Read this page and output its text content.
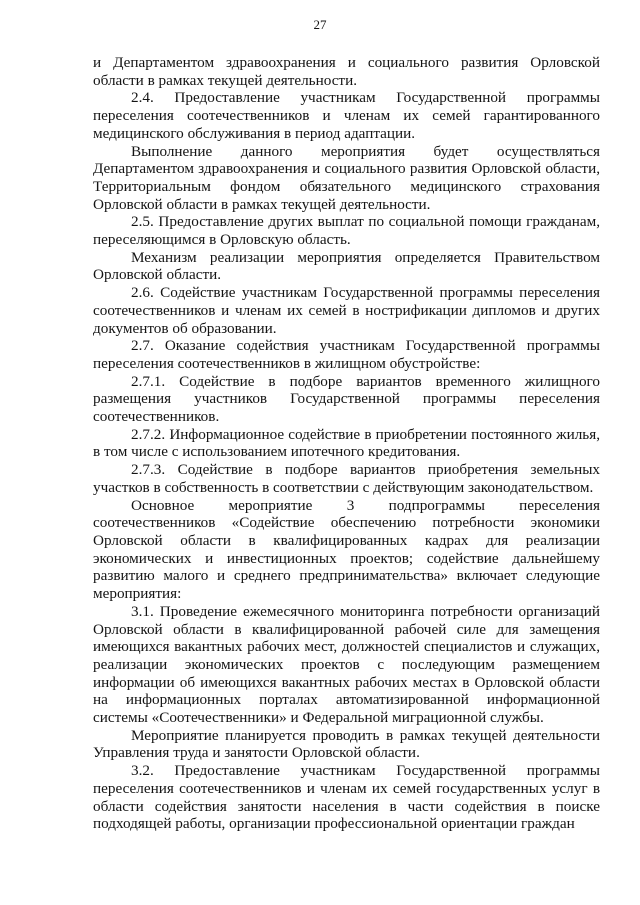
27

и Департаментом здравоохранения и социального развития Орловской области в рамках текущей деятельности.

2.4. Предоставление участникам Государственной программы переселения соотечественников и членам их семей гарантированного медицинского обслуживания в период адаптации.

Выполнение данного мероприятия будет осуществляться Департаментом здравоохранения и социального развития Орловской области, Территориальным фондом обязательного медицинского страхования Орловской области в рамках текущей деятельности.

2.5. Предоставление других выплат по социальной помощи гражданам, переселяющимся в Орловскую область.

Механизм реализации мероприятия определяется Правительством Орловской области.

2.6. Содействие участникам Государственной программы переселения соотечественников и членам их семей в нострификации дипломов и других документов об образовании.

2.7. Оказание содействия участникам Государственной программы переселения соотечественников в жилищном обустройстве:

2.7.1. Содействие в подборе вариантов временного жилищного размещения участников Государственной программы переселения соотечественников.

2.7.2. Информационное содействие в приобретении постоянного жилья, в том числе с использованием ипотечного кредитования.

2.7.3. Содействие в подборе вариантов приобретения земельных участков в собственность в соответствии с действующим законодательством.

Основное мероприятие 3 подпрограммы переселения соотечественников «Содействие обеспечению потребности экономики Орловской области в квалифицированных кадрах для реализации экономических и инвестиционных проектов; содействие дальнейшему развитию малого и среднего предпринимательства» включает следующие мероприятия:

3.1. Проведение ежемесячного мониторинга потребности организаций Орловской области в квалифицированной рабочей силе для замещения имеющихся вакантных рабочих мест, должностей специалистов и служащих, реализации экономических проектов с последующим размещением информации об имеющихся вакантных рабочих местах в Орловской области на информационных порталах автоматизированной информационной системы «Соотечественники» и Федеральной миграционной службы.

Мероприятие планируется проводить в рамках текущей деятельности Управления труда и занятости Орловской области.

3.2. Предоставление участникам Государственной программы переселения соотечественников и членам их семей государственных услуг в области содействия занятости населения в части содействия в поиске подходящей работы, организации профессиональной ориентации граждан
